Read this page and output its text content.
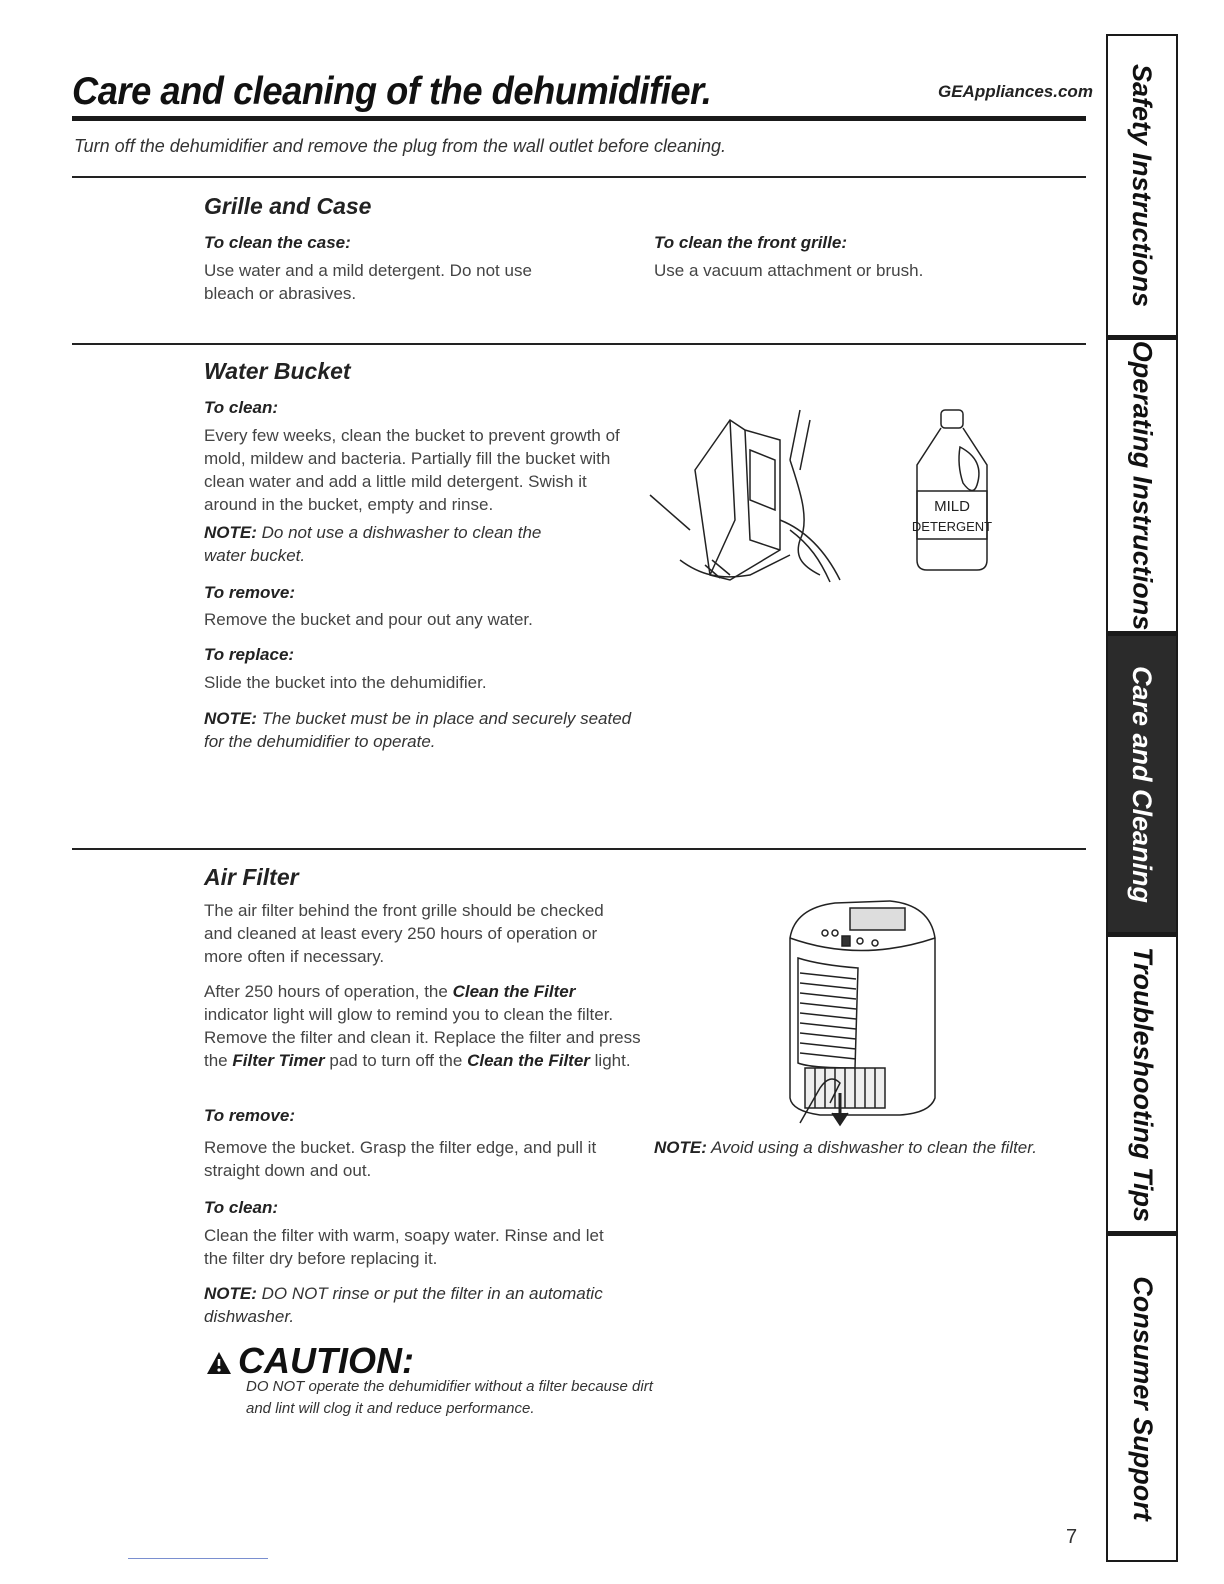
Care and cleaning of the dehumidifier.	GEAppliances.com
Turn off the dehumidifier and remove the plug from the wall outlet before cleaning.
Grille and Case
To clean the case:
Use water and a mild detergent. Do not use bleach or abrasives.
To clean the front grille:
Use a vacuum attachment or brush.
Water Bucket
To clean:
Every few weeks, clean the bucket to prevent growth of mold, mildew and bacteria. Partially fill the bucket with clean water and add a little mild detergent. Swish it around in the bucket, empty and rinse.
NOTE: Do not use a dishwasher to clean the water bucket.
To remove:
Remove the bucket and pour out any water.
To replace:
Slide the bucket into the dehumidifier.
NOTE: The bucket must be in place and securely seated for the dehumidifier to operate.
MILD
DETERGENT
Air Filter
The air filter behind the front grille should be checked and cleaned at least every 250 hours of operation or more often if necessary.
After 250 hours of operation, the Clean the Filter indicator light will glow to remind you to clean the filter. Remove the filter and clean it. Replace the filter and press the Filter Timer pad to turn off the Clean the Filter light.
To remove:
Remove the bucket. Grasp the filter edge, and pull it straight down and out.
To clean:
Clean the filter with warm, soapy water. Rinse and let the filter dry before replacing it.
NOTE: DO NOT rinse or put the filter in an automatic dishwasher.
NOTE: Avoid using a dishwasher to clean the filter.
CAUTION:
DO NOT operate the dehumidifier without a filter because dirt and lint will clog it and reduce performance.
7
Safety Instructions
Operating Instructions
Care and Cleaning
Troubleshooting Tips
Consumer Support
